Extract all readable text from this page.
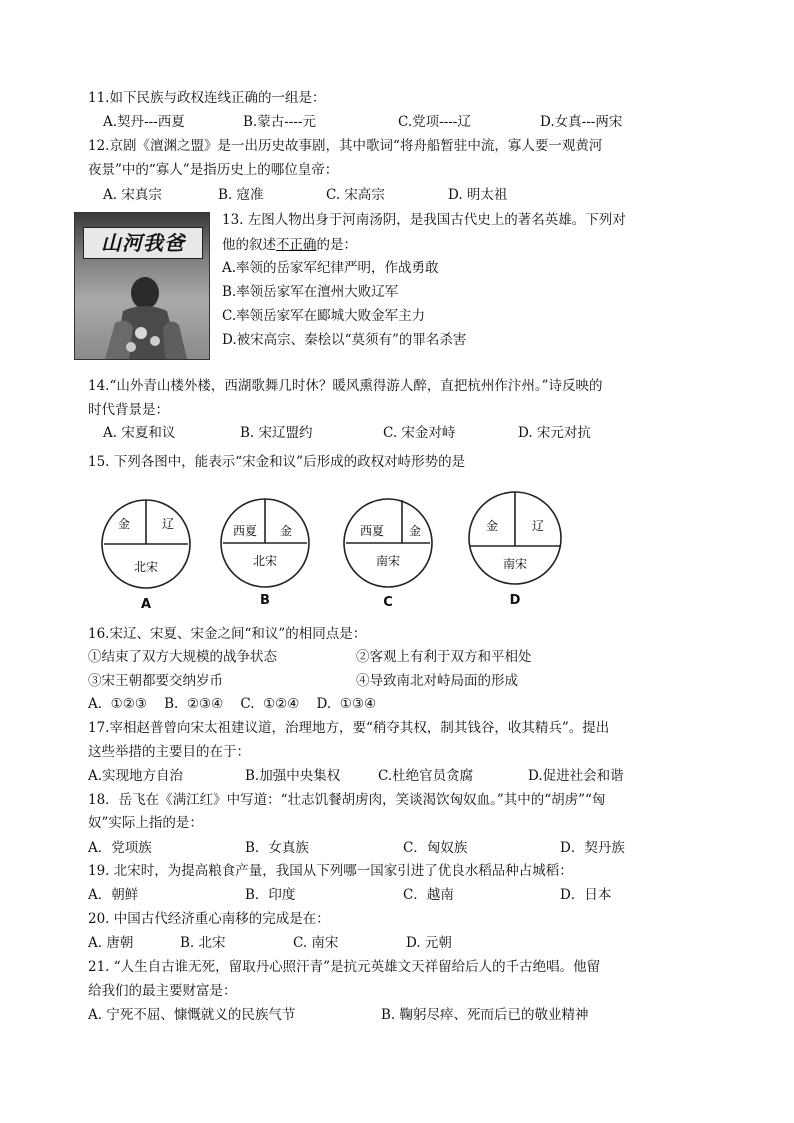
11.如下民族与政权连线正确的一组是：
A.契丹---西夏	B.蒙古----元	C.党项----辽	D.女真---两宋
12.京剧《澶渊之盟》是一出历史故事剧，其中歌词“将舟船暂驻中流，寡人要一观黄河
夜景”中的“寡人”是指历史上的哪位皇帝：
A. 宋真宗	B. 寇准	C. 宋高宗	D. 明太祖
山河我爸
13. 左图人物出身于河南汤阴，是我国古代史上的著名英雄。下列对
他的叙述不正确的是：
A.率领的岳家军纪律严明，作战勇敢
B.率领岳家军在澶州大败辽军
C.率领岳家军在郾城大败金军主力
D.被宋高宗、秦桧以“莫须有”的罪名杀害
14.“山外青山楼外楼，西湖歌舞几时休？暖风熏得游人醉，直把杭州作汴州。”诗反映的
时代背景是：
A. 宋夏和议	B. 宋辽盟约	C. 宋金对峙	D. 宋元对抗
15. 下列各图中，能表示“宋金和议”后形成的政权对峙形势的是
金	辽
北宋
A
西夏 金
北宋
B
西夏 金
南宋
C
金	辽
南宋
D
16.宋辽、宋夏、宋金之间“和议”的相同点是：
①结束了双方大规模的战争状态	②客观上有利于双方和平相处
③宋王朝都要交纳岁币	④导致南北对峙局面的形成
A.  ①②③    B.  ②③④    C.  ①②④    D.  ①③④
17.宰相赵普曾向宋太祖建议道，治理地方，要“稍夺其权，制其钱谷，收其精兵”。提出
这些举措的主要目的在于：
A.实现地方自治	B.加强中央集权	C.杜绝官员贪腐	D.促进社会和谐
18．岳飞在《满江红》中写道：“壮志饥餐胡虏肉，笑谈渴饮匈奴血。”其中的“胡虏”“匈
奴”实际上指的是：
A．党项族	B．女真族	C．匈奴族	D．契丹族
19. 北宋时，为提高粮食产量，我国从下列哪一国家引进了优良水稻品种占城稻：
A．朝鲜	B．印度	C．越南	D．日本
20. 中国古代经济重心南移的完成是在：
A. 唐朝	B. 北宋	C. 南宋	D. 元朝
21. “人生自古谁无死，留取丹心照汗青”是抗元英雄文天祥留给后人的千古绝唱。他留
给我们的最主要财富是：
A. 宁死不屈、慷慨就义的民族气节	B. 鞠躬尽瘁、死而后已的敬业精神
